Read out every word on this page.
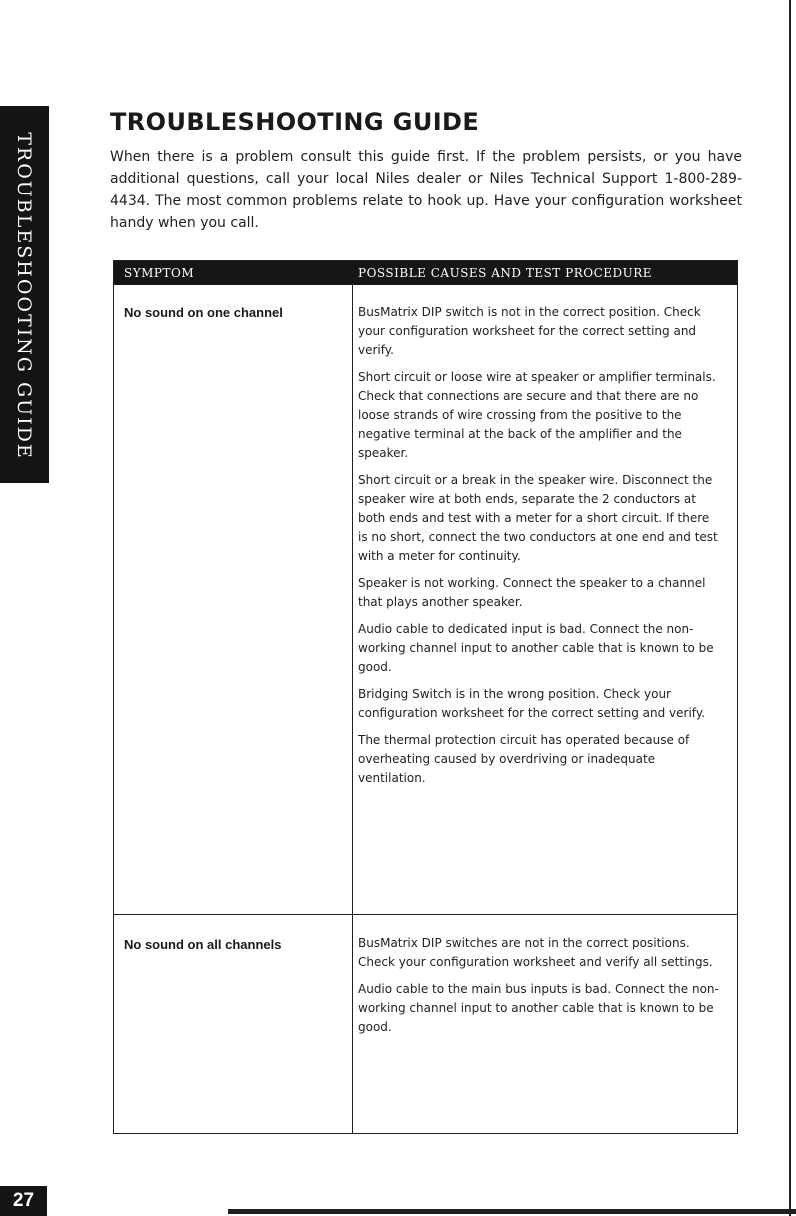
TROUBLESHOOTING GUIDE
27
TROUBLESHOOTING GUIDE

When there is a problem consult this guide first. If the problem persists, or you have additional questions, call your local Niles dealer or Niles Technical Support 1-800-289-4434. The most common problems relate to hook up. Have your configuration worksheet handy when you call.

SYMPTOM	POSSIBLE CAUSES AND TEST PROCEDURE
No sound on one channel	BusMatrix DIP switch is not in the correct position. Check your configuration worksheet for the correct setting and verify.
Short circuit or loose wire at speaker or amplifier terminals. Check that connections are secure and that there are no loose strands of wire crossing from the positive to the negative terminal at the back of the amplifier and the speaker.
Short circuit or a break in the speaker wire. Disconnect the speaker wire at both ends, separate the 2 conductors at both ends and test with a meter for a short circuit. If there is no short, connect the two conductors at one end and test with a meter for continuity.
Speaker is not working. Connect the speaker to a channel that plays another speaker.
Audio cable to dedicated input is bad. Connect the non-working channel input to another cable that is known to be good.
Bridging Switch is in the wrong position. Check your configuration worksheet for the correct setting and verify.
The thermal protection circuit has operated because of overheating caused by overdriving or inadequate ventilation.
No sound on all channels	BusMatrix DIP switches are not in the correct positions. Check your configuration worksheet and verify all settings.
Audio cable to the main bus inputs is bad. Connect the non-working channel input to another cable that is known to be good.
